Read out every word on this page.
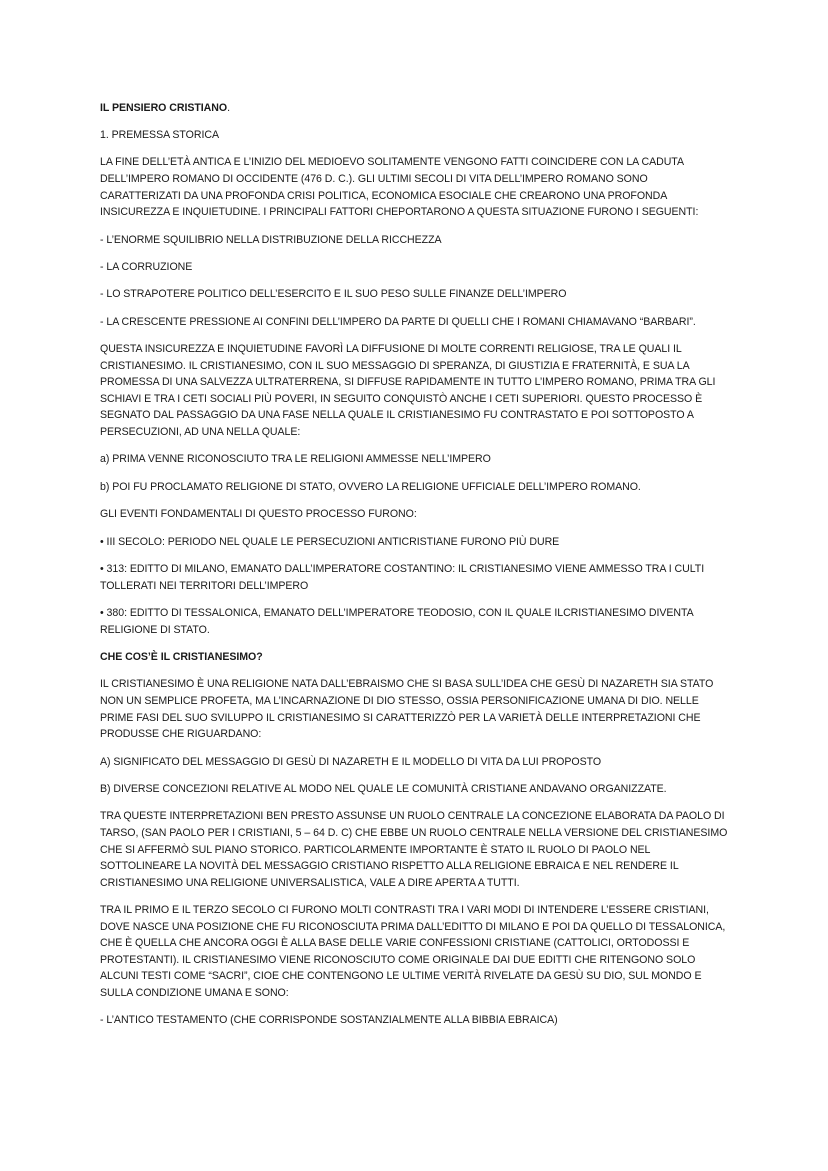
IL PENSIERO CRISTIANO.

1. PREMESSA STORICA

LA FINE DELL’ETÀ ANTICA E L’INIZIO DEL MEDIOEVO SOLITAMENTE VENGONO FATTI COINCIDERE CON LA CADUTA DELL’IMPERO ROMANO DI OCCIDENTE (476 D. C.). GLI ULTIMI SECOLI DI VITA DELL’IMPERO ROMANO SONO CARATTERIZATI DA UNA PROFONDA CRISI POLITICA, ECONOMICA ESOCIALE CHE CREARONO UNA PROFONDA INSICUREZZA E INQUIETUDINE. I PRINCIPALI FATTORI CHEPORTARONO A QUESTA SITUAZIONE FURONO I SEGUENTI:

- L’ENORME SQUILIBRIO NELLA DISTRIBUZIONE DELLA RICCHEZZA

- LA CORRUZIONE

- LO STRAPOTERE POLITICO DELL’ESERCITO E IL SUO PESO SULLE FINANZE DELL’IMPERO

- LA CRESCENTE PRESSIONE AI CONFINI DELL’IMPERO DA PARTE DI QUELLI CHE I ROMANI CHIAMAVANO “BARBARI”.

QUESTA INSICUREZZA E INQUIETUDINE FAVORÌ LA DIFFUSIONE DI MOLTE CORRENTI RELIGIOSE, TRA LE QUALI IL CRISTIANESIMO. IL CRISTIANESIMO, CON IL SUO MESSAGGIO DI SPERANZA, DI GIUSTIZIA E FRATERNITÀ, E SUA LA PROMESSA DI UNA SALVEZZA ULTRATERRENA, SI DIFFUSE RAPIDAMENTE IN TUTTO L’IMPERO ROMANO, PRIMA TRA GLI SCHIAVI E TRA I CETI SOCIALI PIÙ POVERI, IN SEGUITO CONQUISTÒ ANCHE I CETI SUPERIORI. QUESTO PROCESSO È SEGNATO DAL PASSAGGIO DA UNA FASE NELLA QUALE IL CRISTIANESIMO FU CONTRASTATO E POI SOTTOPOSTO A PERSECUZIONI, AD UNA NELLA QUALE:

a) PRIMA VENNE RICONOSCIUTO TRA LE RELIGIONI AMMESSE NELL’IMPERO

b) POI FU PROCLAMATO RELIGIONE DI STATO, OVVERO LA RELIGIONE UFFICIALE DELL’IMPERO ROMANO.

GLI EVENTI FONDAMENTALI DI QUESTO PROCESSO FURONO:

• III SECOLO: PERIODO NEL QUALE LE PERSECUZIONI ANTICRISTIANE FURONO PIÙ DURE

• 313: EDITTO DI MILANO, EMANATO DALL’IMPERATORE COSTANTINO: IL CRISTIANESIMO VIENE AMMESSO TRA I CULTI TOLLERATI NEI TERRITORI DELL’IMPERO

• 380: EDITTO DI TESSALONICA, EMANATO DELL’IMPERATORE TEODOSIO, CON IL QUALE ILCRISTIANESIMO DIVENTA RELIGIONE DI STATO.

CHE COS’È IL CRISTIANESIMO?

IL CRISTIANESIMO È UNA RELIGIONE NATA DALL’EBRAISMO CHE SI BASA SULL’IDEA CHE GESÙ DI NAZARETH SIA STATO NON UN SEMPLICE PROFETA, MA L’INCARNAZIONE DI DIO STESSO, OSSIA PERSONIFICAZIONE UMANA DI DIO. NELLE PRIME FASI DEL SUO SVILUPPO IL CRISTIANESIMO SI CARATTERIZZÒ PER LA VARIETÀ DELLE INTERPRETAZIONI CHE PRODUSSE CHE RIGUARDANO:

A) SIGNIFICATO DEL MESSAGGIO DI GESÙ DI NAZARETH E IL MODELLO DI VITA DA LUI PROPOSTO

B) DIVERSE CONCEZIONI RELATIVE AL MODO NEL QUALE LE COMUNITÀ CRISTIANE ANDAVANO ORGANIZZATE.

TRA QUESTE INTERPRETAZIONI BEN PRESTO ASSUNSE UN RUOLO CENTRALE LA CONCEZIONE ELABORATA DA PAOLO DI TARSO, (SAN PAOLO PER I CRISTIANI, 5 – 64 D. C) CHE EBBE UN RUOLO CENTRALE NELLA VERSIONE DEL CRISTIANESIMO CHE SI AFFERMÒ SUL PIANO STORICO. PARTICOLARMENTE IMPORTANTE È STATO IL RUOLO DI PAOLO NEL SOTTOLINEARE LA NOVITÀ DEL MESSAGGIO CRISTIANO RISPETTO ALLA RELIGIONE EBRAICA E NEL RENDERE IL CRISTIANESIMO UNA RELIGIONE UNIVERSALISTICA, VALE A DIRE APERTA A TUTTI.

TRA IL PRIMO E IL TERZO SECOLO CI FURONO MOLTI CONTRASTI TRA I VARI MODI DI INTENDERE L’ESSERE CRISTIANI, DOVE NASCE UNA POSIZIONE CHE FU RICONOSCIUTA PRIMA DALL’EDITTO DI MILANO E POI DA QUELLO DI TESSALONICA, CHE È QUELLA CHE ANCORA OGGI È ALLA BASE DELLE VARIE CONFESSIONI CRISTIANE (CATTOLICI, ORTODOSSI E PROTESTANTI). IL CRISTIANESIMO VIENE RICONOSCIUTO COME ORIGINALE DAI DUE EDITTI CHE RITENGONO SOLO ALCUNI TESTI COME “SACRI”, CIOE CHE CONTENGONO LE ULTIME VERITÀ RIVELATE DA GESÙ SU DIO, SUL MONDO E SULLA CONDIZIONE UMANA E SONO:

- L’ANTICO TESTAMENTO (CHE CORRISPONDE SOSTANZIALMENTE ALLA BIBBIA EBRAICA)
